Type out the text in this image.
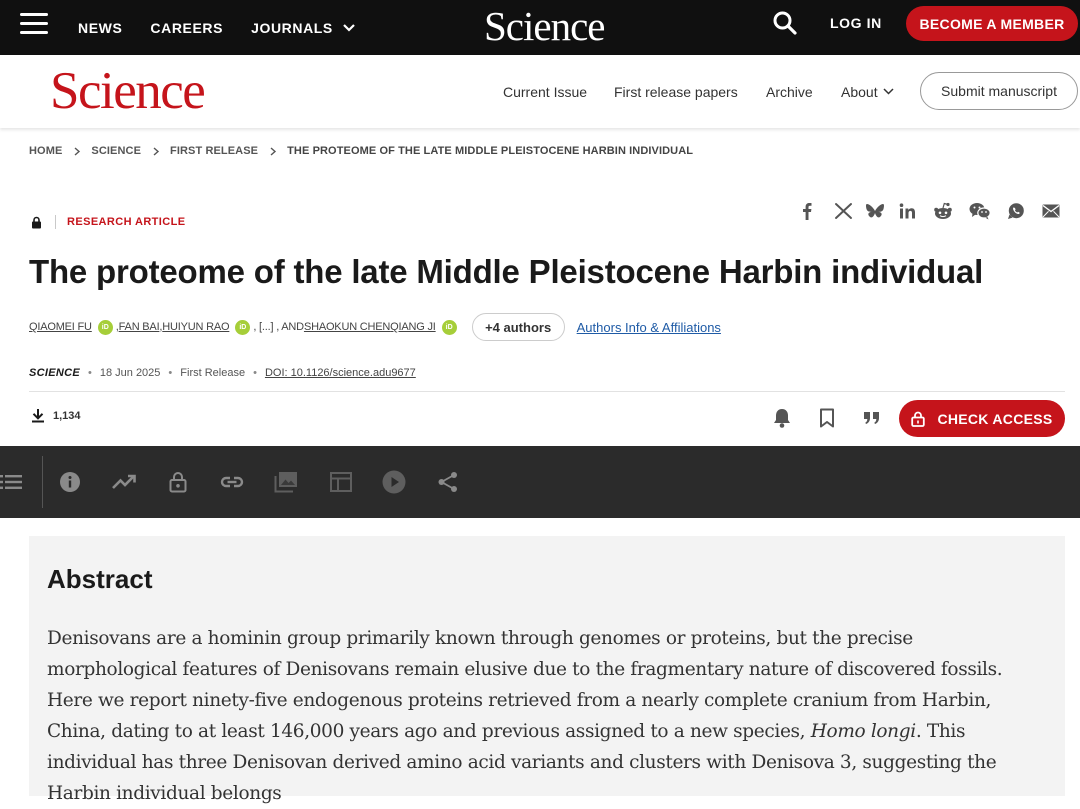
NEWS CAREERS JOURNALS	Science	LOG IN	BECOME A MEMBER
Science	Current Issue First release papers Archive About	Submit manuscript
HOME	SCIENCE	FIRST RELEASE	THE PROTEOME OF THE LATE MIDDLE PLEISTOCENE HARBIN INDIVIDUAL
RESEARCH ARTICLE
The proteome of the late Middle Pleistocene Harbin individual
QIAOMEI FU	iD , FAN BAI , HUIYUN RAO	iD , [...] , AND SHAOKUN CHEN QIANG JI	iD	+4 authors	Authors Info & Affiliations
SCIENCE • 18 Jun 2025 • First Release • DOI: 10.1126/science.adu9677
1,134	CHECK ACCESS
Abstract

Denisovans are a hominin group primarily known through genomes or proteins, but the precise morphological features of Denisovans remain elusive due to the fragmentary nature of discovered fossils. Here we report ninety-five endogenous proteins retrieved from a nearly complete cranium from Harbin, China, dating to at least 146,000 years ago and previous assigned to a new species, Homo longi. This individual has three Denisovan derived amino acid variants and clusters with Denisova 3, suggesting the Harbin individual belongs
